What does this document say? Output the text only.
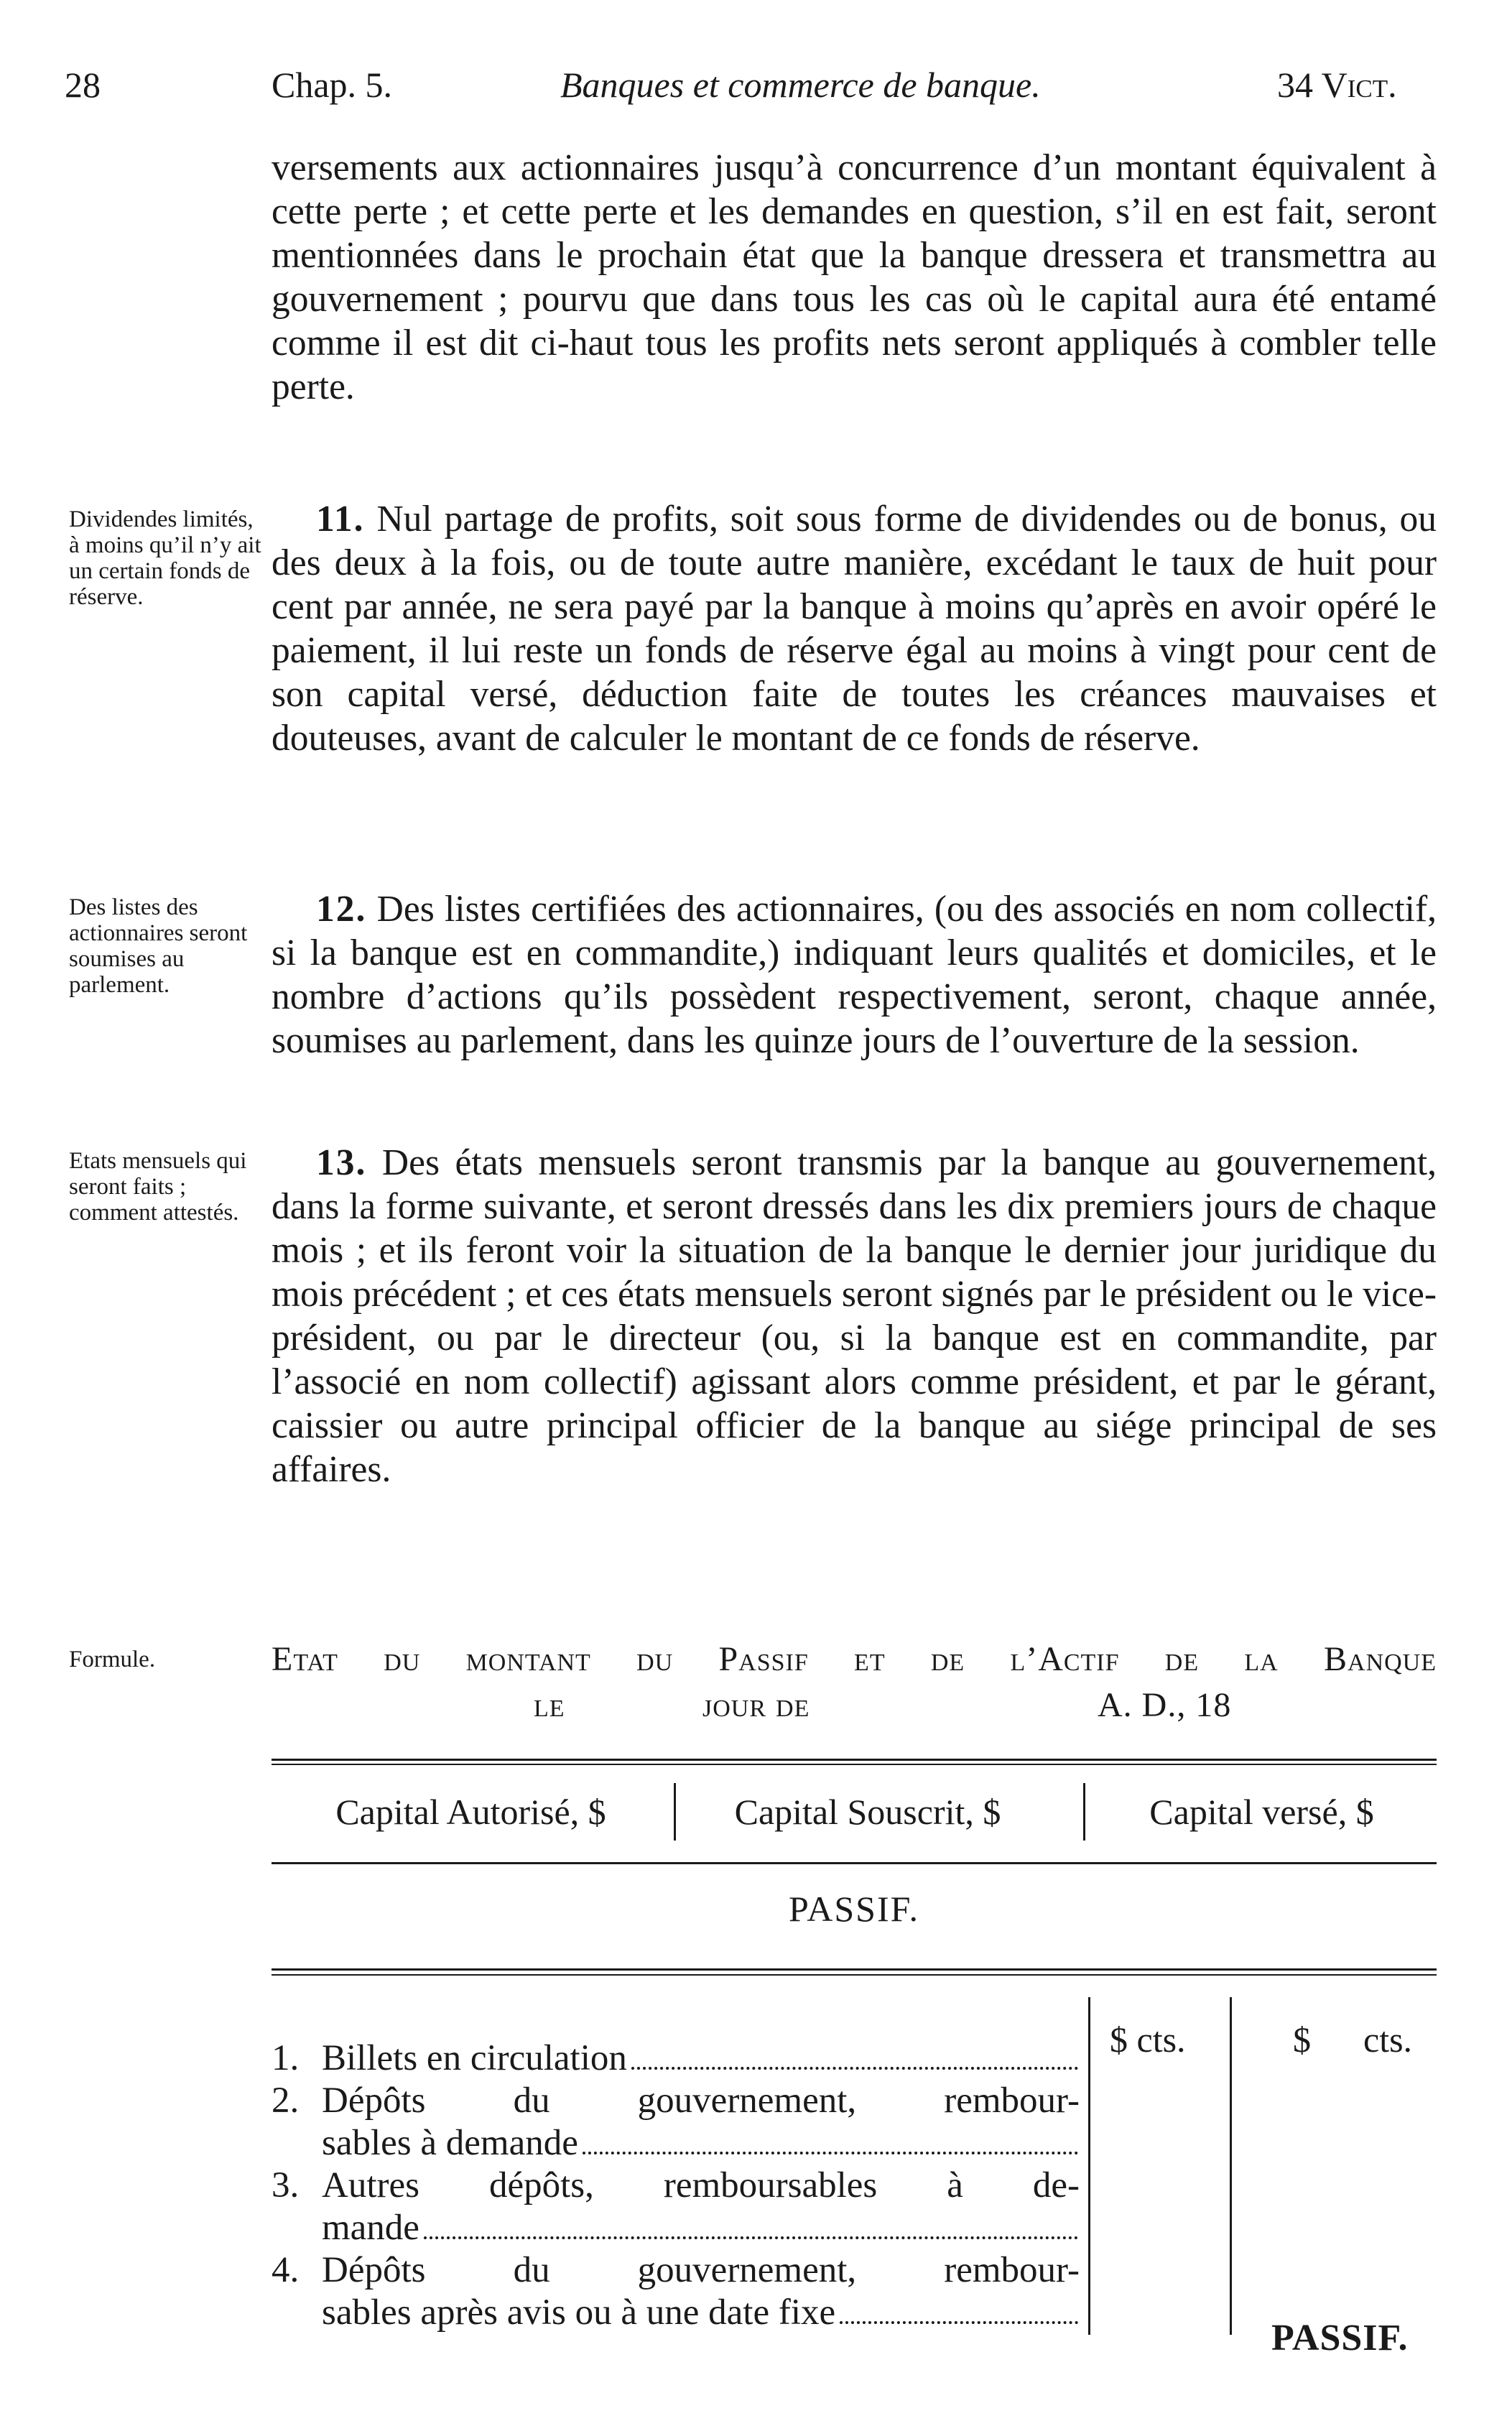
28	Chap. 5.	Banques et commerce de banque.	34 Vict.

versements aux actionnaires jusqu’à concurrence d’un montant équivalent à cette perte ; et cette perte et les demandes en question, s’il en est fait, seront mentionnées dans le prochain état que la banque dressera et transmettra au gouvernement ; pourvu que dans tous les cas où le capital aura été entamé comme il est dit ci-haut tous les profits nets seront appliqués à combler telle perte.

Dividendes limités, à moins qu’il n’y ait un certain fonds de réserve.

11. Nul partage de profits, soit sous forme de dividendes ou de bonus, ou des deux à la fois, ou de toute autre manière, excédant le taux de huit pour cent par année, ne sera payé par la banque à moins qu’après en avoir opéré le paiement, il lui reste un fonds de réserve égal au moins à vingt pour cent de son capital versé, déduction faite de toutes les créances mauvaises et douteuses, avant de calculer le montant de ce fonds de réserve.

Des listes des actionnaires seront soumises au parlement.

12. Des listes certifiées des actionnaires, (ou des associés en nom collectif, si la banque est en commandite,) indiquant leurs qualités et domiciles, et le nombre d’actions qu’ils possèdent respectivement, seront, chaque année, soumises au parlement, dans les quinze jours de l’ouverture de la session.

Etats mensuels qui seront faits ; comment attestés.

13. Des états mensuels seront transmis par la banque au gouvernement, dans la forme suivante, et seront dressés dans les dix premiers jours de chaque mois ; et ils feront voir la situation de la banque le dernier jour juridique du mois précédent ; et ces états mensuels seront signés par le président ou le vice-président, ou par le directeur (ou, si la banque est en commandite, par l’associé en nom collectif) agissant alors comme président, et par le gérant, caissier ou autre principal officier de la banque au siége principal de ses affaires.

Formule.	Etat du montant du Passif et de l’Actif de la Banque
le	jour de	A. D., 18
Capital Autorisé, $	Capital Souscrit, $	Capital versé, $
PASSIF.
$ cts.	$ cts.
1. Billets en circulation
2. Dépôts du gouvernement, rembour-
sables à demande
3. Autres dépôts, remboursables à de-
mande
4. Dépôts du gouvernement, rembour-
sables après avis ou à une date fixe
PASSIF.
